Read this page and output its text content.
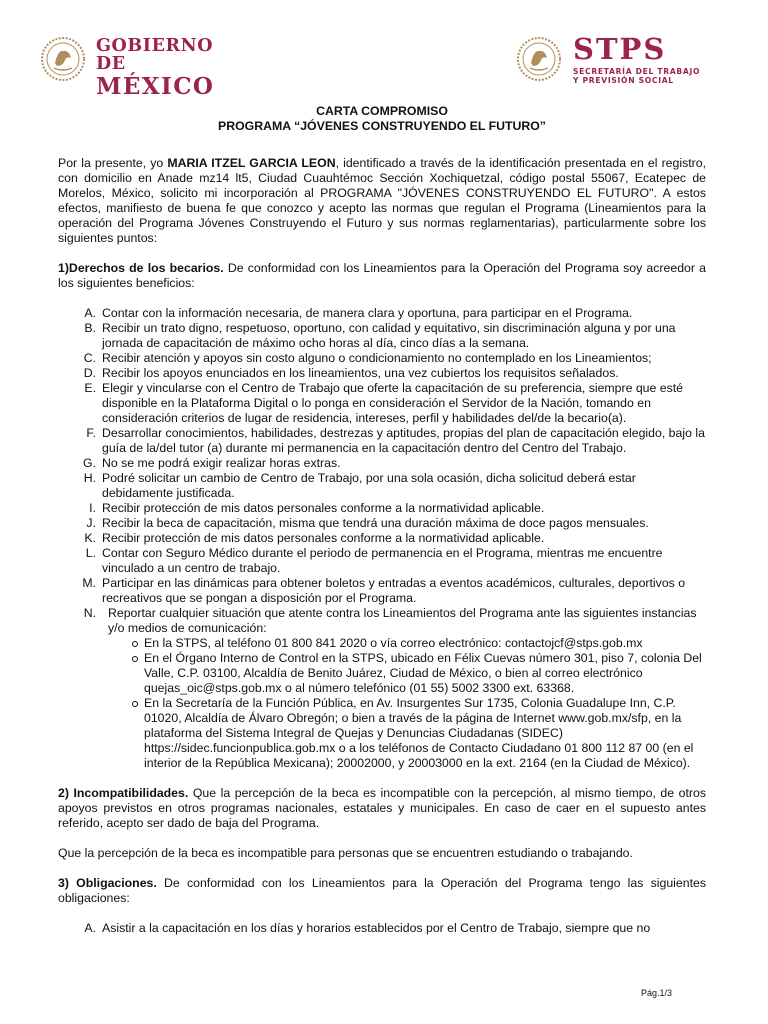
GOBIERNO DE
MÉXICO
STPS
SECRETARÍA DEL TRABAJO
Y PREVISIÓN SOCIAL

CARTA COMPROMISO

PROGRAMA “JÓVENES CONSTRUYENDO EL FUTURO”

Por la presente, yo MARIA ITZEL GARCIA LEON, identificado a través de la identificación presentada en el registro, con domicilio en Anade mz14 lt5, Ciudad Cuauhtémoc Sección Xochiquetzal, código postal 55067, Ecatepec de Morelos, México, solicito mi incorporación al PROGRAMA "JÓVENES CONSTRUYENDO EL FUTURO". A estos efectos, manifiesto de buena fe que conozco y acepto las normas que regulan el Programa (Lineamientos para la operación del Programa Jóvenes Construyendo el Futuro y sus normas reglamentarias), particularmente sobre los siguientes puntos:

1)Derechos de los becarios. De conformidad con los Lineamientos para la Operación del Programa soy acreedor a los siguientes beneficios:

A. Contar con la información necesaria, de manera clara y oportuna, para participar en el Programa.
B. Recibir un trato digno, respetuoso, oportuno, con calidad y equitativo, sin discriminación alguna y por una jornada de capacitación de máximo ocho horas al día, cinco días a la semana.
C. Recibir atención y apoyos sin costo alguno o condicionamiento no contemplado en los Lineamientos;
D. Recibir los apoyos enunciados en los lineamientos, una vez cubiertos los requisitos señalados.
E. Elegir y vincularse con el Centro de Trabajo que oferte la capacitación de su preferencia, siempre que esté disponible en la Plataforma Digital o lo ponga en consideración el Servidor de la Nación, tomando en consideración criterios de lugar de residencia, intereses, perfil y habilidades del/de la becario(a).
F. Desarrollar conocimientos, habilidades, destrezas y aptitudes, propias del plan de capacitación elegido, bajo la guía de la/del tutor (a) durante mi permanencia en la capacitación dentro del Centro del Trabajo.
G. No se me podrá exigir realizar horas extras.
H. Podré solicitar un cambio de Centro de Trabajo, por una sola ocasión, dicha solicitud deberá estar debidamente justificada.
I. Recibir protección de mis datos personales conforme a la normatividad aplicable.
J. Recibir la beca de capacitación, misma que tendrá una duración máxima de doce pagos mensuales.
K. Recibir protección de mis datos personales conforme a la normatividad aplicable.
L. Contar con Seguro Médico durante el periodo de permanencia en el Programa, mientras me encuentre vinculado a un centro de trabajo.
M. Participar en las dinámicas para obtener boletos y entradas a eventos académicos, culturales, deportivos o recreativos que se pongan a disposición por el Programa.
N. Reportar cualquier situación que atente contra los Lineamientos del Programa ante las siguientes instancias y/o medios de comunicación:
En la STPS, al teléfono 01 800 841 2020 o vía correo electrónico: contactojcf@stps.gob.mx
En el Órgano Interno de Control en la STPS, ubicado en Félix Cuevas número 301, piso 7, colonia Del Valle, C.P. 03100, Alcaldía de Benito Juárez, Ciudad de México, o bien al correo electrónico quejas_oic@stps.gob.mx o al número telefónico (01 55) 5002 3300 ext. 63368.
En la Secretaría de la Función Pública, en Av. Insurgentes Sur 1735, Colonia Guadalupe Inn, C.P. 01020, Alcaldía de Álvaro Obregón; o bien a través de la página de Internet www.gob.mx/sfp, en la plataforma del Sistema Integral de Quejas y Denuncias Ciudadanas (SIDEC) https://sidec.funcionpublica.gob.mx o a los teléfonos de Contacto Ciudadano 01 800 112 87 00 (en el interior de la República Mexicana); 20002000, y 20003000 en la ext. 2164 (en la Ciudad de México).

2) Incompatibilidades. Que la percepción de la beca es incompatible con la percepción, al mismo tiempo, de otros apoyos previstos en otros programas nacionales, estatales y municipales. En caso de caer en el supuesto antes referido, acepto ser dado de baja del Programa.

Que la percepción de la beca es incompatible para personas que se encuentren estudiando o trabajando.

3) Obligaciones. De conformidad con los Lineamientos para la Operación del Programa tengo las siguientes obligaciones:

A. Asistir a la capacitación en los días y horarios establecidos por el Centro de Trabajo, siempre que no
Pág.1/3
